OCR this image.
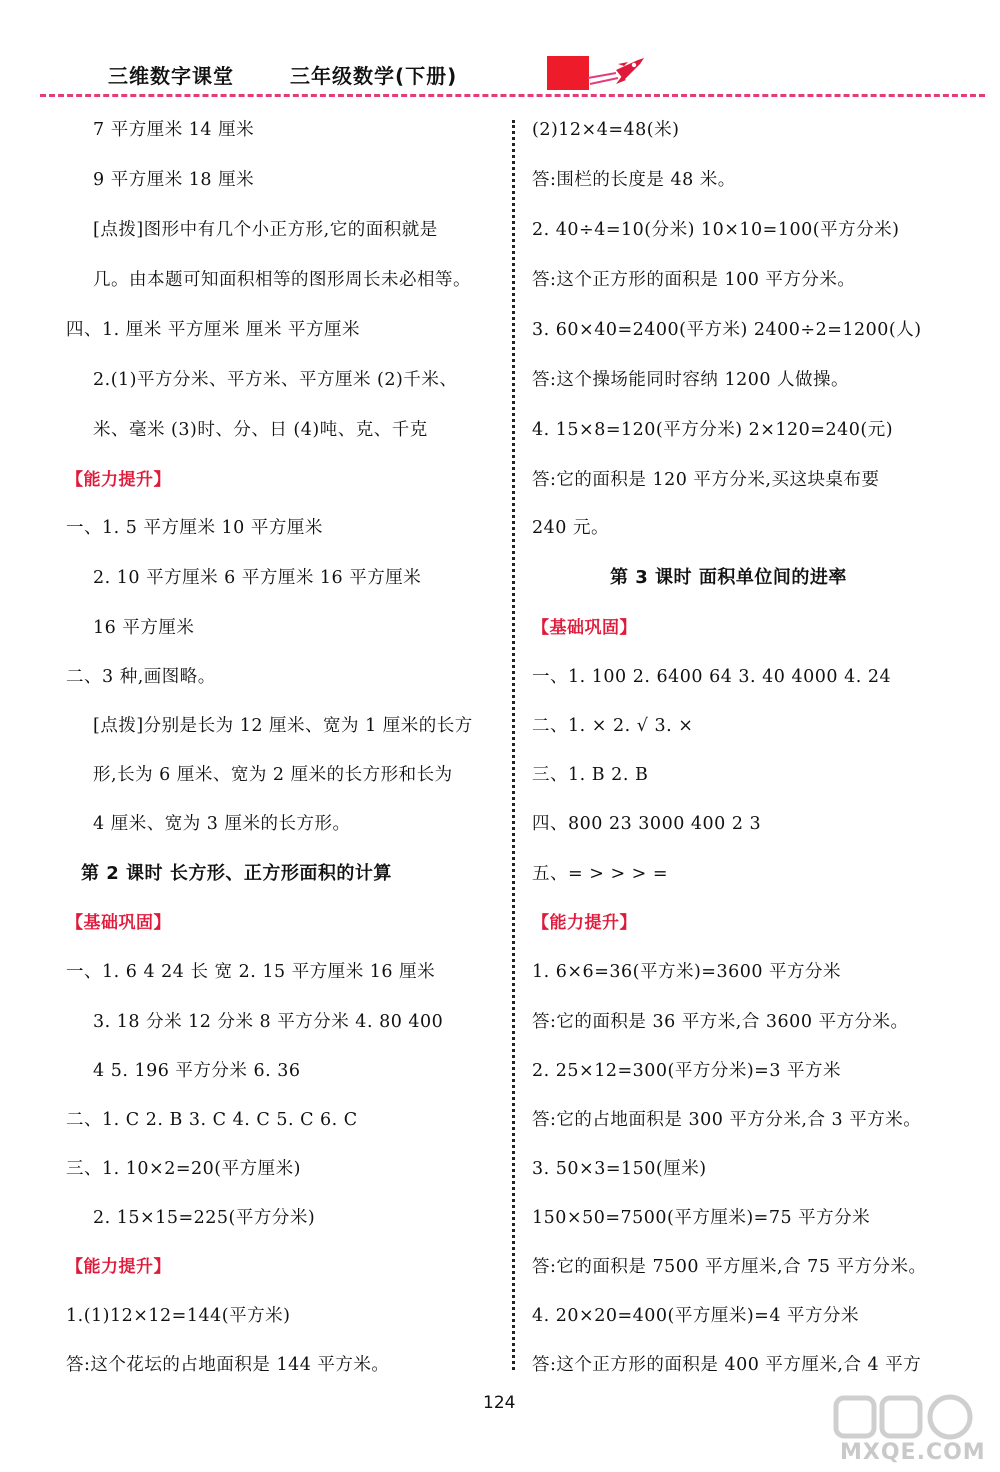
三维数字课堂	三年级数学(下册)
7 平方厘米 14 厘米
9 平方厘米 18 厘米
[点拨]图形中有几个小正方形,它的面积就是
几。由本题可知面积相等的图形周长未必相等。
四、1. 厘米 平方厘米 厘米 平方厘米
2.(1)平方分米、平方米、平方厘米 (2)千米、
米、毫米 (3)时、分、日 (4)吨、克、千克
【能力提升】
一、1. 5 平方厘米 10 平方厘米
2. 10 平方厘米 6 平方厘米 16 平方厘米
16 平方厘米
二、3 种,画图略。
[点拨]分别是长为 12 厘米、宽为 1 厘米的长方
形,长为 6 厘米、宽为 2 厘米的长方形和长为
4 厘米、宽为 3 厘米的长方形。
第 2 课时 长方形、正方形面积的计算
【基础巩固】
一、1. 6 4 24 长 宽 2. 15 平方厘米 16 厘米
3. 18 分米 12 分米 8 平方分米 4. 80 400
4 5. 196 平方分米 6. 36
二、1. C 2. B 3. C 4. C 5. C 6. C
三、1. 10×2=20(平方厘米)
2. 15×15=225(平方分米)
【能力提升】
1.(1)12×12=144(平方米)
答:这个花坛的占地面积是 144 平方米。
(2)12×4=48(米)
答:围栏的长度是 48 米。
2. 40÷4=10(分米) 10×10=100(平方分米)
答:这个正方形的面积是 100 平方分米。
3. 60×40=2400(平方米) 2400÷2=1200(人)
答:这个操场能同时容纳 1200 人做操。
4. 15×8=120(平方分米) 2×120=240(元)
答:它的面积是 120 平方分米,买这块桌布要
240 元。
第 3 课时 面积单位间的进率
【基础巩固】
一、1. 100 2. 6400 64 3. 40 4000 4. 24
二、1. × 2. √ 3. ×
三、1. B 2. B
四、800 23 3000 400 2 3
五、= > > > =
【能力提升】
1. 6×6=36(平方米)=3600 平方分米
答:它的面积是 36 平方米,合 3600 平方分米。
2. 25×12=300(平方分米)=3 平方米
答:它的占地面积是 300 平方分米,合 3 平方米。
3. 50×3=150(厘米)
150×50=7500(平方厘米)=75 平方分米
答:它的面积是 7500 平方厘米,合 75 平方分米。
4. 20×20=400(平方厘米)=4 平方分米
答:这个正方形的面积是 400 平方厘米,合 4 平方
124
MXQE.COM
